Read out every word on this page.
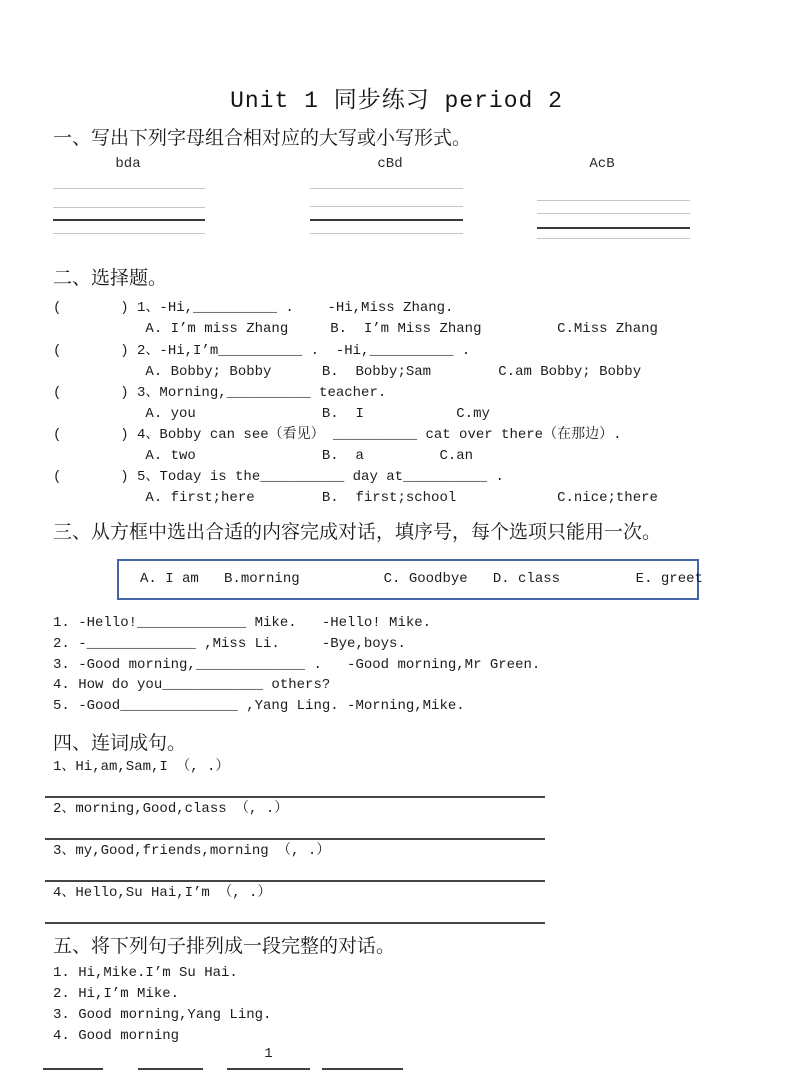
Unit 1 同步练习 period 2
一、写出下列字母组合相对应的大写或小写形式。
bda	cBd	AcB
二、选择题。
(       ) 1、-Hi,__________ .    -Hi,Miss Zhang.
A. I’m miss Zhang     B.  I’m Miss Zhang         C.Miss Zhang
(       ) 2、-Hi,I’m__________ .  -Hi,__________ .
A. Bobby; Bobby      B.  Bobby;Sam        C.am Bobby; Bobby
(       ) 3、Morning,__________ teacher.
A. you               B.  I           C.my
(       ) 4、Bobby can see（看见） __________ cat over there（在那边）.
A. two               B.  a         C.an
(       ) 5、Today is the__________ day at__________ .
A. first;here        B.  first;school            C.nice;there
三、从方框中选出合适的内容完成对话，填序号，每个选项只能用一次。
A. I am   B.morning          C. Goodbye   D. class         E. greet
1. -Hello!_____________ Mike.   -Hello! Mike.
2. -_____________ ,Miss Li.     -Bye,boys.
3. -Good morning,_____________ .   -Good morning,Mr Green.
4. How do you____________ others?
5. -Good______________ ,Yang Ling. -Morning,Mike.
四、连词成句。
1、Hi,am,Sam,I （, .）
2、morning,Good,class （, .）
3、my,Good,friends,morning （, .）
4、Hello,Su Hai,I’m （, .）
五、将下列句子排列成一段完整的对话。
1. Hi,Mike.I’m Su Hai.
2. Hi,I’m Mike.
3. Good morning,Yang Ling.
4. Good morning
1
